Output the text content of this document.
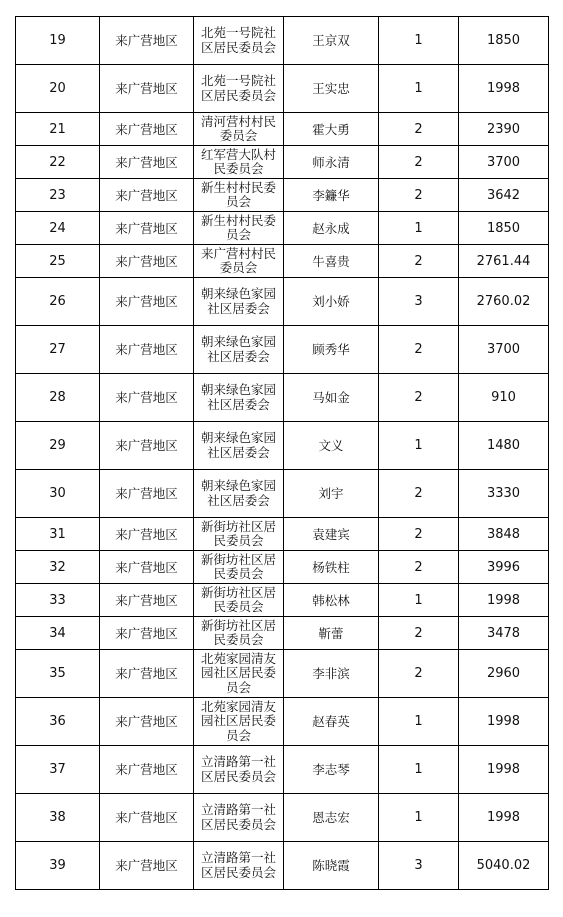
19	来广营地区	北苑一号院社区居民委员会	王京双	1	1850
20	来广营地区	北苑一号院社区居民委员会	王实忠	1	1998
21	来广营地区	清河营村村民委员会	霍大勇	2	2390
22	来广营地区	红军营大队村民委员会	师永清	2	3700
23	来广营地区	新生村村民委员会	李鐮华	2	3642
24	来广营地区	新生村村民委员会	赵永成	1	1850
25	来广营地区	来广营村村民委员会	牛喜贵	2	2761.44
26	来广营地区	朝来绿色家园社区居委会	刘小娇	3	2760.02
27	来广营地区	朝来绿色家园社区居委会	顾秀华	2	3700
28	来广营地区	朝来绿色家园社区居委会	马如金	2	910
29	来广营地区	朝来绿色家园社区居委会	文义	1	1480
30	来广营地区	朝来绿色家园社区居委会	刘宇	2	3330
31	来广营地区	新街坊社区居民委员会	袁建宾	2	3848
32	来广营地区	新街坊社区居民委员会	杨铁柱	2	3996
33	来广营地区	新街坊社区居民委员会	韩松林	1	1998
34	来广营地区	新街坊社区居民委员会	靳蕾	2	3478
35	来广营地区	北苑家园清友园社区居民委员会	李非滨	2	2960
36	来广营地区	北苑家园清友园社区居民委员会	赵春英	1	1998
37	来广营地区	立清路第一社区居民委员会	李志琴	1	1998
38	来广营地区	立清路第一社区居民委员会	恩志宏	1	1998
39	来广营地区	立清路第一社区居民委员会	陈晓霞	3	5040.02
